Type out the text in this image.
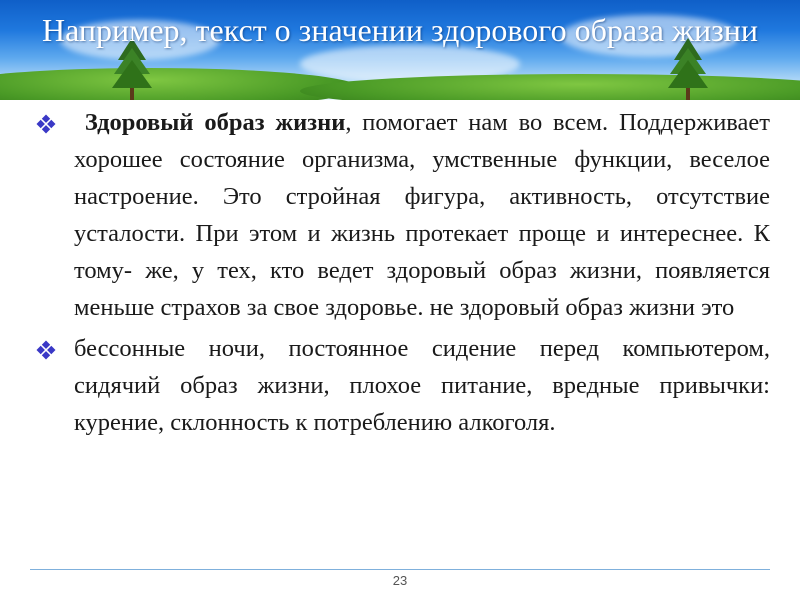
Например, текст о значении здорового образа жизни

Здоровый образ жизни, помогает нам во всем. Поддерживает хорошее состояние организма, умственные функции, веселое настроение. Это стройная фигура, активность, отсутствие усталости. При этом и жизнь протекает проще и интереснее. К тому- же, у тех, кто ведет здоровый образ жизни, появляется меньше страхов за свое здоровье. не здоровый образ жизни это

бессонные ночи, постоянное сидение перед компьютером, сидячий образ жизни, плохое питание, вредные привычки: курение, склонность к потреблению алкоголя.

23
